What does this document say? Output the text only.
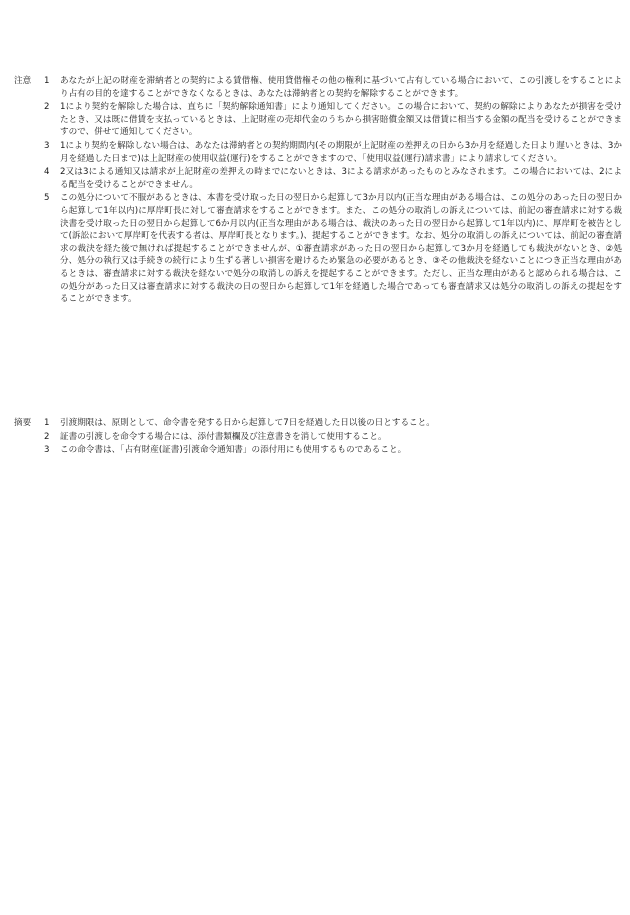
注意	1	あなたが上記の財産を滞納者との契約による賃借権、使用貸借権その他の権利に基づいて占有している場合において、この引渡しをすることにより占有の目的を達することができなくなるときは、あなたは滞納者との契約を解除することができます。
2	1により契約を解除した場合は、直ちに「契約解除通知書」により通知してください。この場合において、契約の解除によりあなたが損害を受けたとき、又は既に借賃を支払っているときは、上記財産の売却代金のうちから損害賠償金額又は借賃に相当する金額の配当を受けることができますので、併せて通知してください。
3	1により契約を解除しない場合は、あなたは滞納者との契約期間内(その期限が上記財産の差押えの日から3か月を経過した日より遅いときは、3か月を経過した日まで)は上記財産の使用収益(運行)をすることができますので、「使用収益(運行)請求書」により請求してください。
4	2又は3による通知又は請求が上記財産の差押えの時までにないときは、3による請求があったものとみなされます。この場合においては、2による配当を受けることができません。
5	この処分について不服があるときは、本書を受け取った日の翌日から起算して3か月以内(正当な理由がある場合は、この処分のあった日の翌日から起算して1年以内)に厚岸町長に対して審査請求をすることができます。また、この処分の取消しの訴えについては、前記の審査請求に対する裁決書を受け取った日の翌日から起算して6か月以内(正当な理由がある場合は、裁決のあった日の翌日から起算して1年以内)に、厚岸町を被告として(訴訟において厚岸町を代表する者は、厚岸町長となります。)、提起することができます。なお、処分の取消しの訴えについては、前記の審査請求の裁決を経た後で無ければ提起することができませんが、①審査請求があった日の翌日から起算して3か月を経過しても裁決がないとき、②処分、処分の執行又は手続きの続行により生ずる著しい損害を避けるため緊急の必要があるとき、③その他裁決を経ないことにつき正当な理由があるときは、審査請求に対する裁決を経ないで処分の取消しの訴えを提起することができます。ただし、正当な理由があると認められる場合は、この処分があった日又は審査請求に対する裁決の日の翌日から起算して1年を経過した場合であっても審査請求又は処分の取消しの訴えの提起をすることができます。
摘要	1	引渡期限は、原則として、命令書を発する日から起算して7日を経過した日以後の日とすること。
2	証書の引渡しを命令する場合には、添付書類欄及び注意書きを消して使用すること。
3	この命令書は、「占有財産(証書)引渡命令通知書」の添付用にも使用するものであること。
